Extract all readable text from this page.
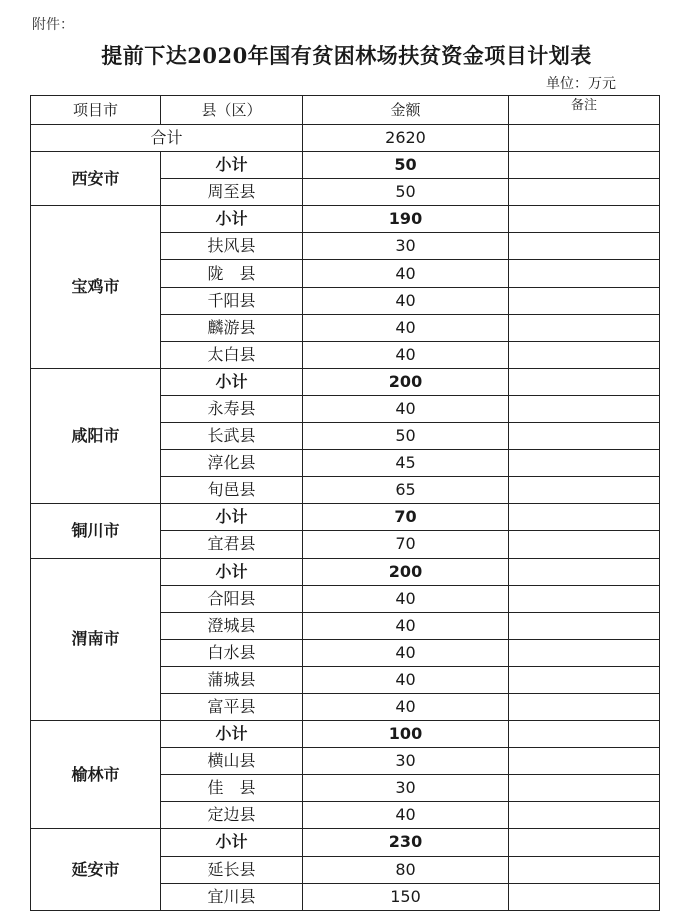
附件：
提前下达2020年国有贫困林场扶贫资金项目计划表
单位：万元
项目市	县（区）	金额	备注
合计		2620	
西安市	小计	50	
	周至县	50	
宝鸡市	小计	190	
	扶风县	30	
	陇　县	40	
	千阳县	40	
	麟游县	40	
	太白县	40	
咸阳市	小计	200	
	永寿县	40	
	长武县	50	
	淳化县	45	
	旬邑县	65	
铜川市	小计	70	
	宜君县	70	
渭南市	小计	200	
	合阳县	40	
	澄城县	40	
	白水县	40	
	蒲城县	40	
	富平县	40	
榆林市	小计	100	
	横山县	30	
	佳　县	30	
	定边县	40	
延安市	小计	230	
	延长县	80	
	宜川县	150	
